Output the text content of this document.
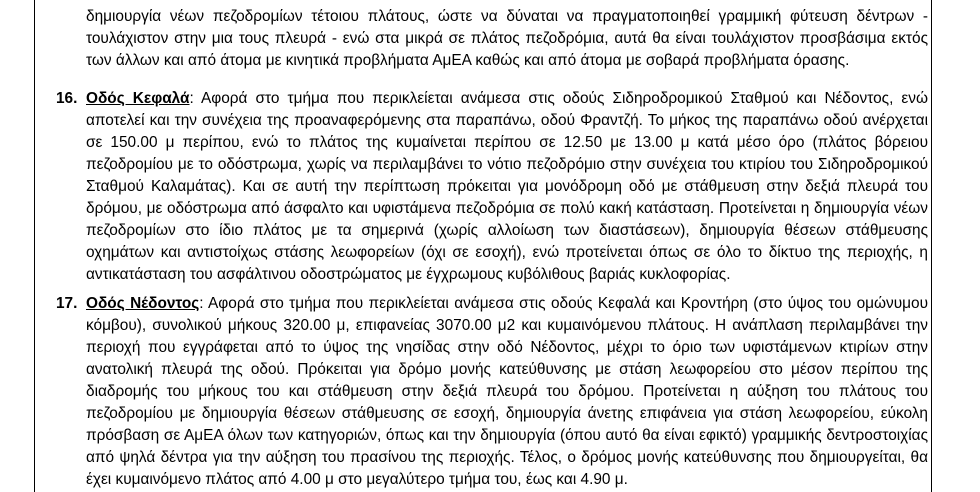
δημιουργία νέων πεζοδρομίων τέτοιου πλάτους, ώστε να δύναται να πραγματοποιηθεί γραμμική φύτευση δέντρων - τουλάχιστον στην μια τους πλευρά - ενώ στα μικρά σε πλάτος πεζοδρόμια, αυτά θα είναι τουλάχιστον προσβάσιμα εκτός των άλλων και από άτομα με κινητικά προβλήματα ΑμΕΑ καθώς και από άτομα με σοβαρά προβλήματα όρασης.

16. Οδός Κεφαλά: Αφορά στο τμήμα που περικλείεται ανάμεσα στις οδούς Σιδηροδρομικού Σταθμού και Νέδοντος, ενώ αποτελεί και την συνέχεια της προαναφερόμενης στα παραπάνω, οδού Φραντζή. Το μήκος της παραπάνω οδού ανέρχεται σε 150.00 μ περίπου, ενώ το πλάτος της κυμαίνεται περίπου σε 12.50 με 13.00 μ κατά μέσο όρο (πλάτος βόρειου πεζοδρομίου με το οδόστρωμα, χωρίς να περιλαμβάνει το νότιο πεζοδρόμιο στην συνέχεια του κτιρίου του Σιδηροδρομικού Σταθμού Καλαμάτας). Και σε αυτή την περίπτωση πρόκειται για μονόδρομη οδό με στάθμευση στην δεξιά πλευρά του δρόμου, με οδόστρωμα από άσφαλτο και υφιστάμενα πεζοδρόμια σε πολύ κακή κατάσταση. Προτείνεται η δημιουργία νέων πεζοδρομίων στο ίδιο πλάτος με τα σημερινά (χωρίς αλλοίωση των διαστάσεων), δημιουργία θέσεων στάθμευσης οχημάτων και αντιστοίχως στάσης λεωφορείων (όχι σε εσοχή), ενώ προτείνεται όπως σε όλο το δίκτυο της περιοχής, η αντικατάσταση του ασφάλτινου οδοστρώματος με έγχρωμους κυβόλιθους βαριάς κυκλοφορίας.

17. Οδός Νέδοντος: Αφορά στο τμήμα που περικλείεται ανάμεσα στις οδούς Κεφαλά και Κροντήρη (στο ύψος του ομώνυμου κόμβου), συνολικού μήκους 320.00 μ, επιφανείας 3070.00 μ2 και κυμαινόμενου πλάτους. Η ανάπλαση περιλαμβάνει την περιοχή που εγγράφεται από το ύψος της νησίδας στην οδό Νέδοντος, μέχρι το όριο των υφιστάμενων κτιρίων στην ανατολική πλευρά της οδού. Πρόκειται για δρόμο μονής κατεύθυνσης με στάση λεωφορείου στο μέσον περίπου της διαδρομής του μήκους του και στάθμευση στην δεξιά πλευρά του δρόμου. Προτείνεται η αύξηση του πλάτους του πεζοδρομίου με δημιουργία θέσεων στάθμευσης σε εσοχή, δημιουργία άνετης επιφάνεια για στάση λεωφορείου, εύκολη πρόσβαση σε ΑμΕΑ όλων των κατηγοριών, όπως και την δημιουργία (όπου αυτό θα είναι εφικτό) γραμμικής δεντροστοιχίας από ψηλά δέντρα για την αύξηση του πρασίνου της περιοχής. Τέλος, ο δρόμος μονής κατεύθυνσης που δημιουργείται, θα έχει κυμαινόμενο πλάτος από 4.00 μ στο μεγαλύτερο τμήμα του, έως και 4.90 μ.
